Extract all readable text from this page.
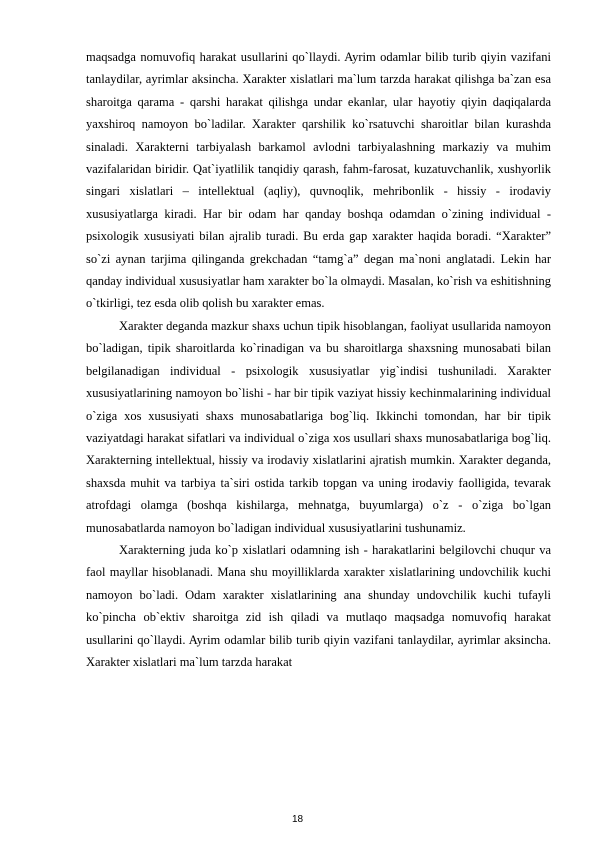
maqsadga nomuvofiq harakat usullarini qo`llaydi. Ayrim odamlar bilib turib qiyin vazifani tanlaydilar, ayrimlar aksincha. Xarakter xislatlari ma`lum tarzda harakat qilishga ba`zan esa sharoitga qarama - qarshi harakat qilishga undar ekanlar, ular hayotiy qiyin daqiqalarda yaxshiroq namoyon bo`ladilar. Xarakter qarshilik ko`rsatuvchi sharoitlar bilan kurashda sinaladi. Xarakterni tarbiyalash barkamol avlodni tarbiyalashning markaziy va muhim vazifalaridan biridir. Qat`iyatlilik tanqidiy qarash, fahm-farosat, kuzatuvchanlik, xushyorlik singari xislatlari – intellektual (aqliy), quvnoqlik, mehribonlik - hissiy - irodaviy xususiyatlarga kiradi. Har bir odam har qanday boshqa odamdan o`zining individual - psixologik xususiyati bilan ajralib turadi. Bu erda gap xarakter haqida boradi. “Xarakter” so`zi aynan tarjima qilinganda grekchadan “tamg`a” degan ma`noni anglatadi. Lekin har qanday individual xususiyatlar ham xarakter bo`la olmaydi. Masalan, ko`rish va eshitishning o`tkirligi, tez esda olib qolish bu xarakter emas.

Xarakter deganda mazkur shaxs uchun tipik hisoblangan, faoliyat usullarida namoyon bo`ladigan, tipik sharoitlarda ko`rinadigan va bu sharoitlarga shaxsning munosabati bilan belgilanadigan individual - psixologik xususiyatlar yig`indisi tushuniladi. Xarakter xususiyatlarining namoyon bo`lishi - har bir tipik vaziyat hissiy kechinmalarining individual o`ziga xos xususiyati shaxs munosabatlariga bog`liq. Ikkinchi tomondan, har bir tipik vaziyatdagi harakat sifatlari va individual o`ziga xos usullari shaxs munosabatlariga bog`liq. Xarakterning intellektual, hissiy va irodaviy xislatlarini ajratish mumkin. Xarakter deganda, shaxsda muhit va tarbiya ta`siri ostida tarkib topgan va uning irodaviy faolligida, tevarak atrofdagi olamga (boshqa kishilarga, mehnatga, buyumlarga) o`z - o`ziga bo`lgan munosabatlarda namoyon bo`ladigan individual xususiyatlarini tushunamiz.

Xarakterning juda ko`p xislatlari odamning ish - harakatlarini belgilovchi chuqur va faol mayllar hisoblanadi. Mana shu moyilliklarda xarakter xislatlarining undovchilik kuchi namoyon bo`ladi. Odam xarakter xislatlarining ana shunday undovchilik kuchi tufayli ko`pincha ob`ektiv sharoitga zid ish qiladi va mutlaqo maqsadga nomuvofiq harakat usullarini qo`llaydi. Ayrim odamlar bilib turib qiyin vazifani tanlaydilar, ayrimlar aksincha. Xarakter xislatlari ma`lum tarzda harakat

18
